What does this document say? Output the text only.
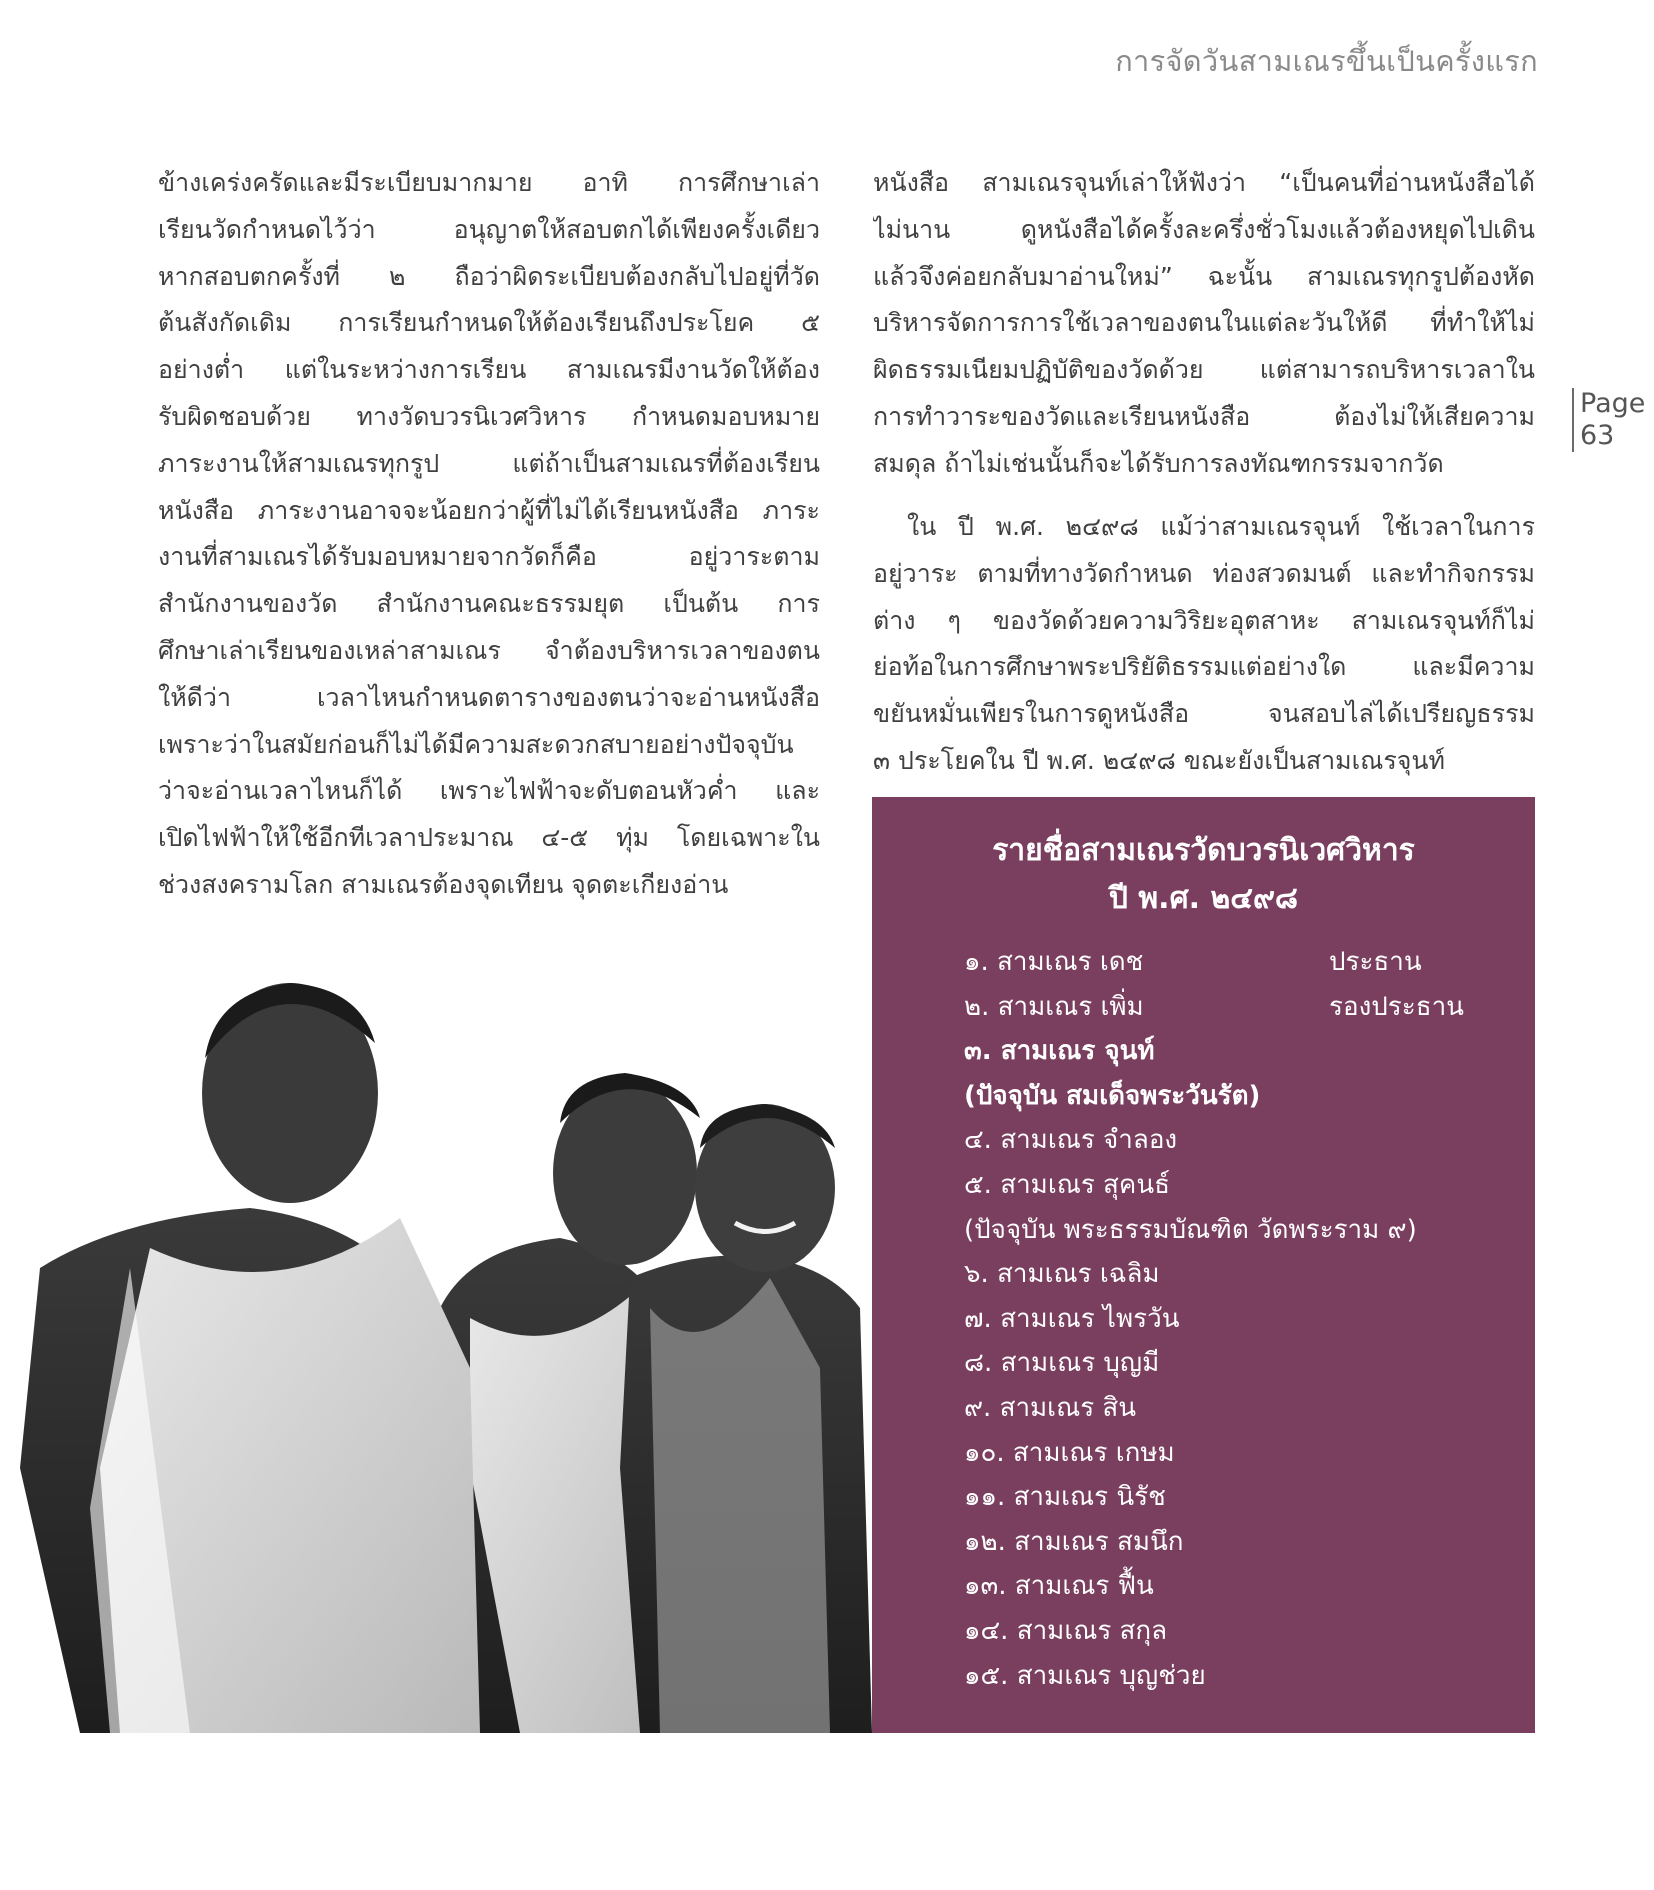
การจัดวันสามเณรขึ้นเป็นครั้งแรก
Page
63
ข้างเคร่งครัดและมีระเบียบมากมาย อาทิ การศึกษาเล่า
เรียนวัดกำหนดไว้ว่า อนุญาตให้สอบตกได้เพียงครั้งเดียว
หากสอบตกครั้งที่ ๒ ถือว่าผิดระเบียบต้องกลับไปอยู่ที่วัด
ต้นสังกัดเดิม การเรียนกำหนดให้ต้องเรียนถึงประโยค ๕
อย่างต่ำ แต่ในระหว่างการเรียน สามเณรมีงานวัดให้ต้อง
รับผิดชอบด้วย ทางวัดบวรนิเวศวิหาร กำหนดมอบหมาย
ภาระงานให้สามเณรทุกรูป แต่ถ้าเป็นสามเณรที่ต้องเรียน
หนังสือ ภาระงานอาจจะน้อยกว่าผู้ที่ไม่ได้เรียนหนังสือ ภาระ
งานที่สามเณรได้รับมอบหมายจากวัดก็คือ อยู่วาระตาม
สำนักงานของวัด สำนักงานคณะธรรมยุต เป็นต้น การ
ศึกษาเล่าเรียนของเหล่าสามเณร จำต้องบริหารเวลาของตน
ให้ดีว่า เวลาไหนกำหนดตารางของตนว่าจะอ่านหนังสือ
เพราะว่าในสมัยก่อนก็ไม่ได้มีความสะดวกสบายอย่างปัจจุบัน
ว่าจะอ่านเวลาไหนก็ได้ เพราะไฟฟ้าจะดับตอนหัวค่ำ และ
เปิดไฟฟ้าให้ใช้อีกทีเวลาประมาณ ๔-๕ ทุ่ม โดยเฉพาะใน
ช่วงสงครามโลก สามเณรต้องจุดเทียน จุดตะเกียงอ่าน
หนังสือ สามเณรจุนท์เล่าให้ฟังว่า “เป็นคนที่อ่านหนังสือได้
ไม่นาน ดูหนังสือได้ครั้งละครึ่งชั่วโมงแล้วต้องหยุดไปเดิน
แล้วจึงค่อยกลับมาอ่านใหม่” ฉะนั้น สามเณรทุกรูปต้องหัด
บริหารจัดการการใช้เวลาของตนในแต่ละวันให้ดี ที่ทำให้ไม่
ผิดธรรมเนียมปฏิบัติของวัดด้วย แต่สามารถบริหารเวลาใน
การทำวาระของวัดและเรียนหนังสือ ต้องไม่ให้เสียความ
สมดุล ถ้าไม่เช่นนั้นก็จะได้รับการลงทัณฑกรรมจากวัด
ใน ปี พ.ศ. ๒๔๙๘ แม้ว่าสามเณรจุนท์ ใช้เวลาในการ
อยู่วาระ ตามที่ทางวัดกำหนด ท่องสวดมนต์ และทำกิจกรรม
ต่าง ๆ ของวัดด้วยความวิริยะอุตสาหะ สามเณรจุนท์ก็ไม่
ย่อท้อในการศึกษาพระปริยัติธรรมแต่อย่างใด และมีความ
ขยันหมั่นเพียรในการดูหนังสือ จนสอบไล่ได้เปรียญธรรม
๓ ประโยคใน ปี พ.ศ. ๒๔๙๘ ขณะยังเป็นสามเณรจุนท์
รายชื่อสามเณรวัดบวรนิเวศวิหาร
ปี พ.ศ. ๒๔๙๘
๑. สามเณร เดช	ประธาน
๒. สามเณร เพิ่ม	รองประธาน
๓. สามเณร จุนท์
(ปัจจุบัน สมเด็จพระวันรัต)
๔. สามเณร จำลอง
๕. สามเณร สุคนธ์
(ปัจจุบัน พระธรรมบัณฑิต วัดพระราม ๙)
๖. สามเณร เฉลิม
๗. สามเณร ไพรวัน
๘. สามเณร บุญมี
๙. สามเณร สิน
๑๐. สามเณร เกษม
๑๑. สามเณร นิรัช
๑๒. สามเณร สมนึก
๑๓. สามเณร ฟื้น
๑๔. สามเณร สกุล
๑๕. สามเณร บุญช่วย
